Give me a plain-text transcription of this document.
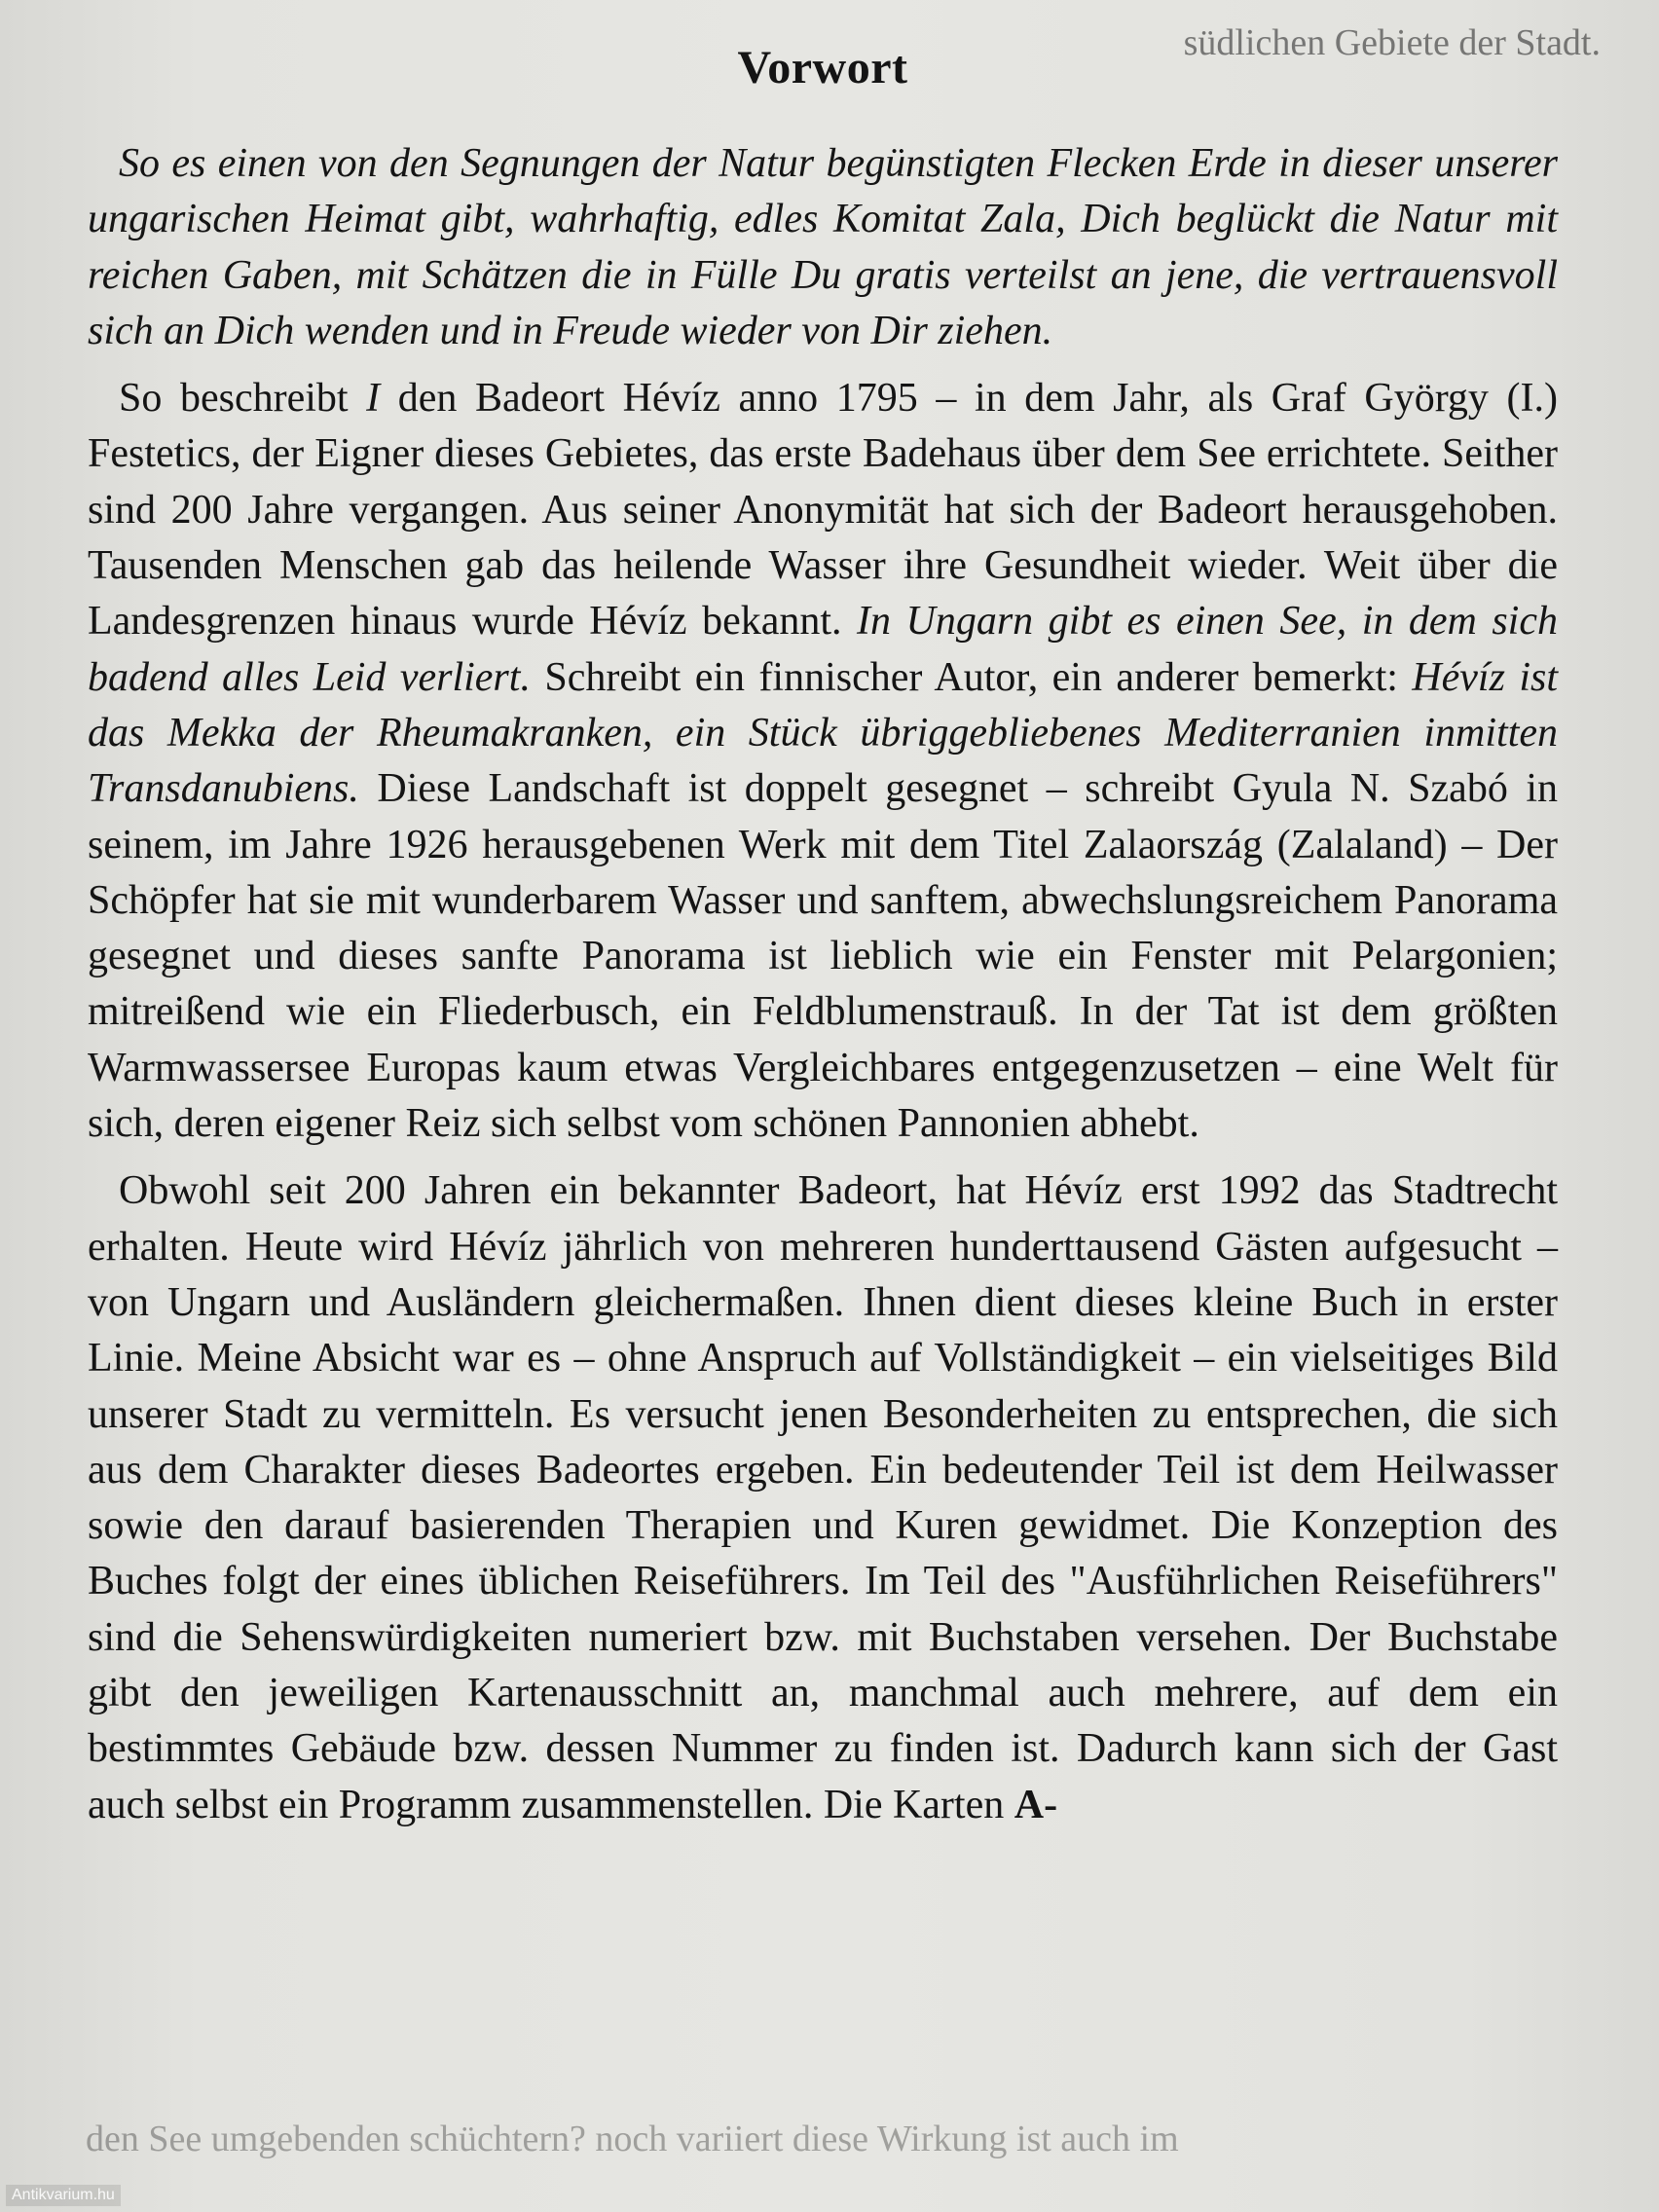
südlichen Gebiete der Stadt.
Vorwort

So es einen von den Segnungen der Natur begünstigten Flecken Erde in dieser unserer ungarischen Heimat gibt, wahrhaftig, edles Komitat Zala, Dich beglückt die Natur mit reichen Gaben, mit Schätzen die in Fülle Du gratis verteilst an jene, die vertrauensvoll sich an Dich wenden und in Freude wieder von Dir ziehen.

So beschreibt I den Badeort Hévíz anno 1795 – in dem Jahr, als Graf György (I.) Festetics, der Eigner dieses Gebietes, das erste Badehaus über dem See errichtete. Seither sind 200 Jahre vergangen. Aus seiner Anonymität hat sich der Badeort herausgehoben. Tausenden Menschen gab das heilende Wasser ihre Gesundheit wieder. Weit über die Landesgrenzen hinaus wurde Hévíz bekannt. In Ungarn gibt es einen See, in dem sich badend alles Leid verliert. Schreibt ein finnischer Autor, ein anderer bemerkt: Hévíz ist das Mekka der Rheumakranken, ein Stück übriggebliebenes Mediterranien inmitten Transdanubiens. Diese Landschaft ist doppelt gesegnet – schreibt Gyula N. Szabó in seinem, im Jahre 1926 herausgebenen Werk mit dem Titel Zalaország (Zalaland) – Der Schöpfer hat sie mit wunderbarem Wasser und sanftem, abwechslungsreichem Panorama gesegnet und dieses sanfte Panorama ist lieblich wie ein Fenster mit Pelargonien; mitreißend wie ein Fliederbusch, ein Feldblumenstrauß. In der Tat ist dem größten Warmwassersee Europas kaum etwas Vergleichbares entgegenzusetzen – eine Welt für sich, deren eigener Reiz sich selbst vom schönen Pannonien abhebt.

Obwohl seit 200 Jahren ein bekannter Badeort, hat Hévíz erst 1992 das Stadtrecht erhalten. Heute wird Hévíz jährlich von mehreren hunderttausend Gästen aufgesucht – von Ungarn und Ausländern gleichermaßen. Ihnen dient dieses kleine Buch in erster Linie. Meine Absicht war es – ohne Anspruch auf Vollständigkeit – ein vielseitiges Bild unserer Stadt zu vermitteln. Es versucht jenen Besonderheiten zu entsprechen, die sich aus dem Charakter dieses Badeortes ergeben. Ein bedeutender Teil ist dem Heilwasser sowie den darauf basierenden Therapien und Kuren gewidmet. Die Konzeption des Buches folgt der eines üblichen Reiseführers. Im Teil des "Ausführlichen Reiseführers" sind die Sehenswürdigkeiten numeriert bzw. mit Buchstaben versehen. Der Buchstabe gibt den jeweiligen Kartenausschnitt an, manchmal auch mehrere, auf dem ein bestimmtes Gebäude bzw. dessen Nummer zu finden ist. Dadurch kann sich der Gast auch selbst ein Programm zusammenstellen. Die Karten A-

den See umgebenden schüchtern? noch variiert diese Wirkung ist auch im
Antikvarium.hu
